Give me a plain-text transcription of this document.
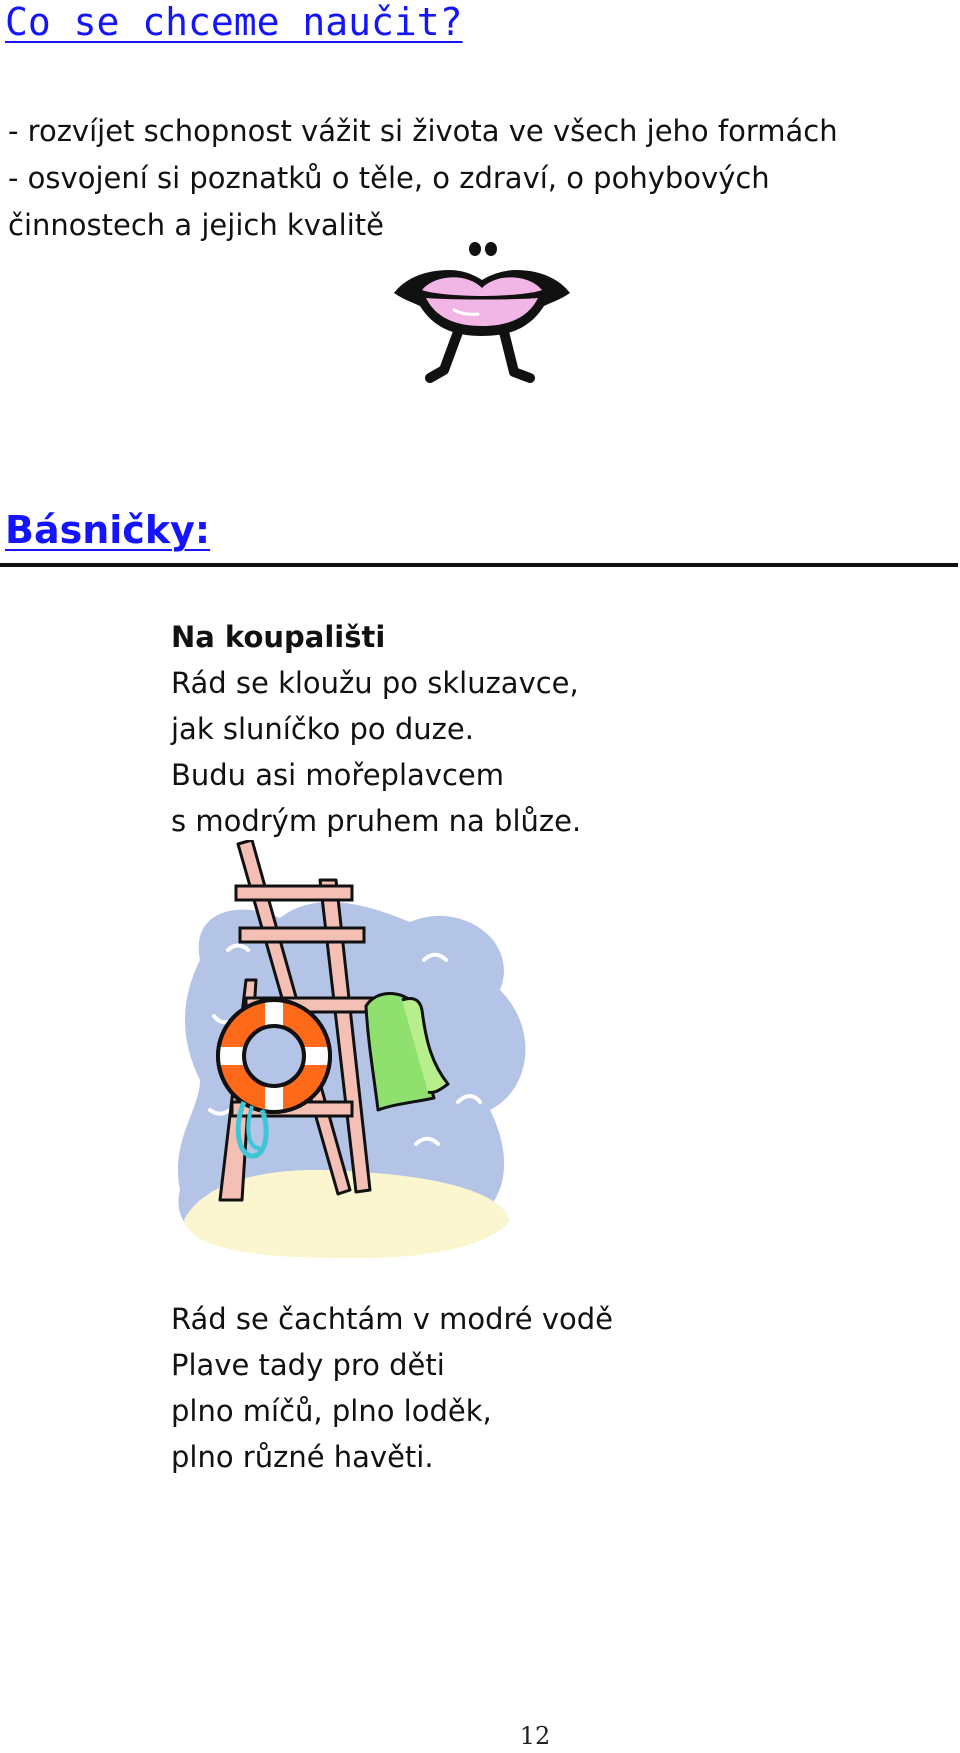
Co se chceme naučit?
- rozvíjet schopnost vážit si života ve všech jeho formách
- osvojení si poznatků o těle, o zdraví, o pohybových
činnostech a jejich kvalitě
Básničky:

Na koupališti

Rád se kloužu po skluzavce,

jak sluníčko po duze.

Budu asi mořeplavcem

s modrým pruhem na blůze.

Rád se čachtám v modré vodě

Plave tady pro děti

plno míčů, plno loděk,

plno různé havěti.

12
